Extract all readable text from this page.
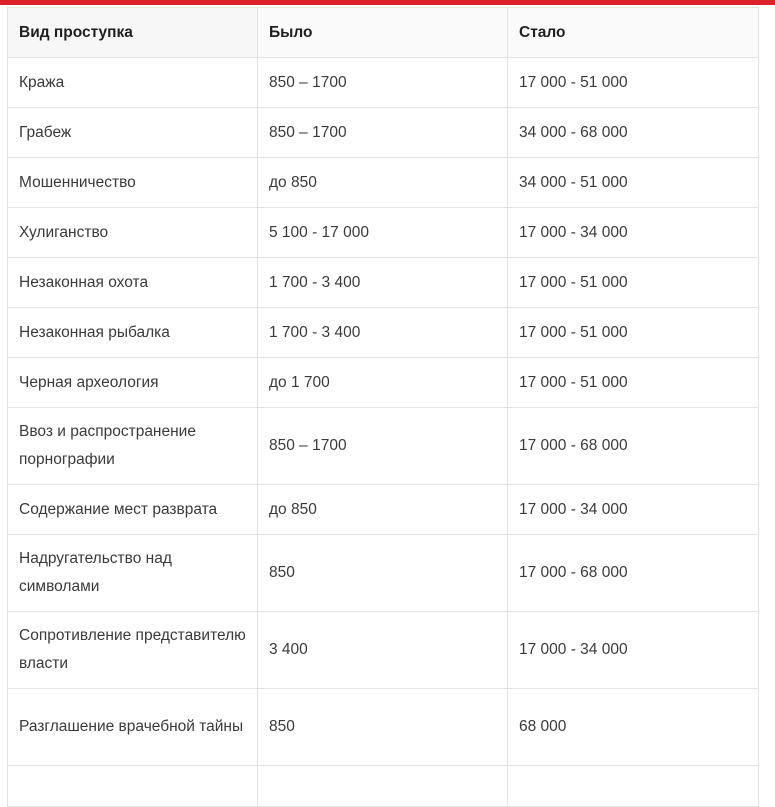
Вид проступка	Было	Стало
Кража	850 – 1700	17 000 - 51 000
Грабеж	850 – 1700	34 000 - 68 000
Мошенничество	до 850	34 000 - 51 000
Хулиганство	5 100 - 17 000	17 000 - 34 000
Незаконная охота	1 700 - 3 400	17 000 - 51 000
Незаконная рыбалка	1 700 - 3 400	17 000 - 51 000
Черная археология	до 1 700	17 000 - 51 000
Ввоз и распространение порнографии	850 – 1700	17 000 - 68 000
Содержание мест разврата	до 850	17 000 - 34 000
Надругательство над символами	850	17 000 - 68 000
Сопротивление представителю власти	3 400	17 000 - 34 000
Разглашение врачебной тайны	850	68 000
